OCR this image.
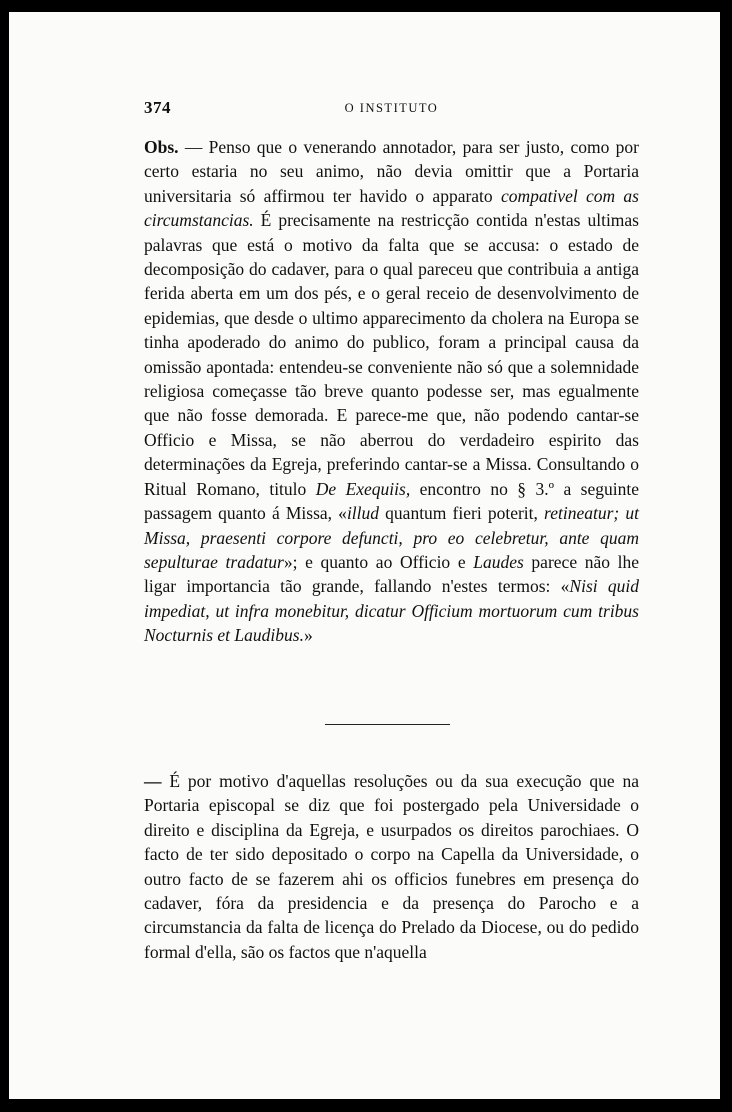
374	O INSTITUTO

Obs. — Penso que o venerando annotador, para ser justo, como por certo estaria no seu animo, não devia omittir que a Portaria universitaria só affirmou ter havido o apparato compativel com as circumstancias. É precisamente na restricção contida n'estas ultimas palavras que está o motivo da falta que se accusa: o estado de decomposição do cadaver, para o qual pareceu que contribuia a antiga ferida aberta em um dos pés, e o geral receio de desenvolvimento de epidemias, que desde o ultimo apparecimento da cholera na Europa se tinha apoderado do animo do publico, foram a principal causa da omissão apontada: entendeu-se conveniente não só que a solemnidade religiosa começasse tão breve quanto podesse ser, mas egualmente que não fosse demorada. E parece-me que, não podendo cantar-se Officio e Missa, se não aberrou do verdadeiro espirito das determinações da Egreja, preferindo cantar-se a Missa. Consultando o Ritual Romano, titulo De Exequiis, encontro no § 3.º a seguinte passagem quanto á Missa, «illud quantum fieri poterit, retineatur; ut Missa, praesenti corpore defuncti, pro eo celebretur, ante quam sepulturae tradatur»; e quanto ao Officio e Laudes parece não lhe ligar importancia tão grande, fallando n'estes termos: «Nisi quid impediat, ut infra monebitur, dicatur Officium mortuorum cum tribus Nocturnis et Laudibus.»

— É por motivo d'aquellas resoluções ou da sua execução que na Portaria episcopal se diz que foi postergado pela Universidade o direito e disciplina da Egreja, e usurpados os direitos parochiaes. O facto de ter sido depositado o corpo na Capella da Universidade, o outro facto de se fazerem ahi os officios funebres em presença do cadaver, fóra da presidencia e da presença do Parocho e a circumstancia da falta de licença do Prelado da Diocese, ou do pedido formal d'ella, são os factos que n'aquella
